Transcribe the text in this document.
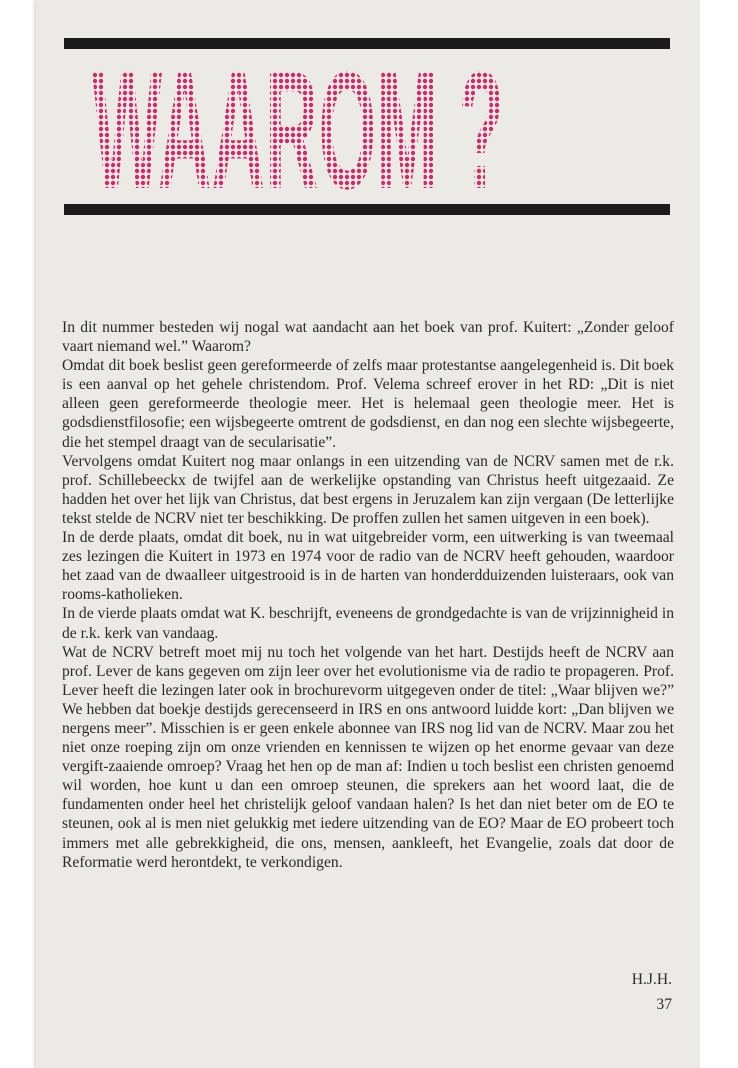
WAAROM ?

In dit nummer besteden wij nogal wat aandacht aan het boek van prof. Kuitert: „Zonder geloof vaart niemand wel.” Waarom?

Omdat dit boek beslist geen gereformeerde of zelfs maar protestantse aangelegenheid is. Dit boek is een aanval op het gehele christendom. Prof. Velema schreef erover in het RD: „Dit is niet alleen geen gereformeerde theologie meer. Het is helemaal geen theologie meer. Het is godsdienstfilosofie; een wijsbegeerte omtrent de godsdienst, en dan nog een slechte wijsbegeerte, die het stempel draagt van de secularisatie”.

Vervolgens omdat Kuitert nog maar onlangs in een uitzending van de NCRV samen met de r.k. prof. Schillebeeckx de twijfel aan de werkelijke opstanding van Christus heeft uitgezaaid. Ze hadden het over het lijk van Christus, dat best ergens in Jeruzalem kan zijn vergaan (De letterlijke tekst stelde de NCRV niet ter beschikking. De proffen zullen het samen uitgeven in een boek).

In de derde plaats, omdat dit boek, nu in wat uitgebreider vorm, een uitwerking is van tweemaal zes lezingen die Kuitert in 1973 en 1974 voor de radio van de NCRV heeft gehouden, waardoor het zaad van de dwaalleer uitgestrooid is in de harten van honderdduizenden luisteraars, ook van rooms-katholieken.

In de vierde plaats omdat wat K. beschrijft, eveneens de grondgedachte is van de vrijzinnigheid in de r.k. kerk van vandaag.

Wat de NCRV betreft moet mij nu toch het volgende van het hart. Destijds heeft de NCRV aan prof. Lever de kans gegeven om zijn leer over het evolutionisme via de radio te propageren. Prof. Lever heeft die lezingen later ook in brochurevorm uitgegeven onder de titel: „Waar blijven we?” We hebben dat boekje destijds gerecenseerd in IRS en ons antwoord luidde kort: „Dan blijven we nergens meer”. Misschien is er geen enkele abonnee van IRS nog lid van de NCRV. Maar zou het niet onze roeping zijn om onze vrienden en kennissen te wijzen op het enorme gevaar van deze vergift-zaaiende omroep? Vraag het hen op de man af: Indien u toch beslist een christen genoemd wil worden, hoe kunt u dan een omroep steunen, die sprekers aan het woord laat, die de fundamenten onder heel het christelijk geloof vandaan halen? Is het dan niet beter om de EO te steunen, ook al is men niet gelukkig met iedere uitzending van de EO? Maar de EO probeert toch immers met alle gebrekkigheid, die ons, mensen, aankleeft, het Evangelie, zoals dat door de Reformatie werd herontdekt, te verkondigen.

H.J.H.
37
